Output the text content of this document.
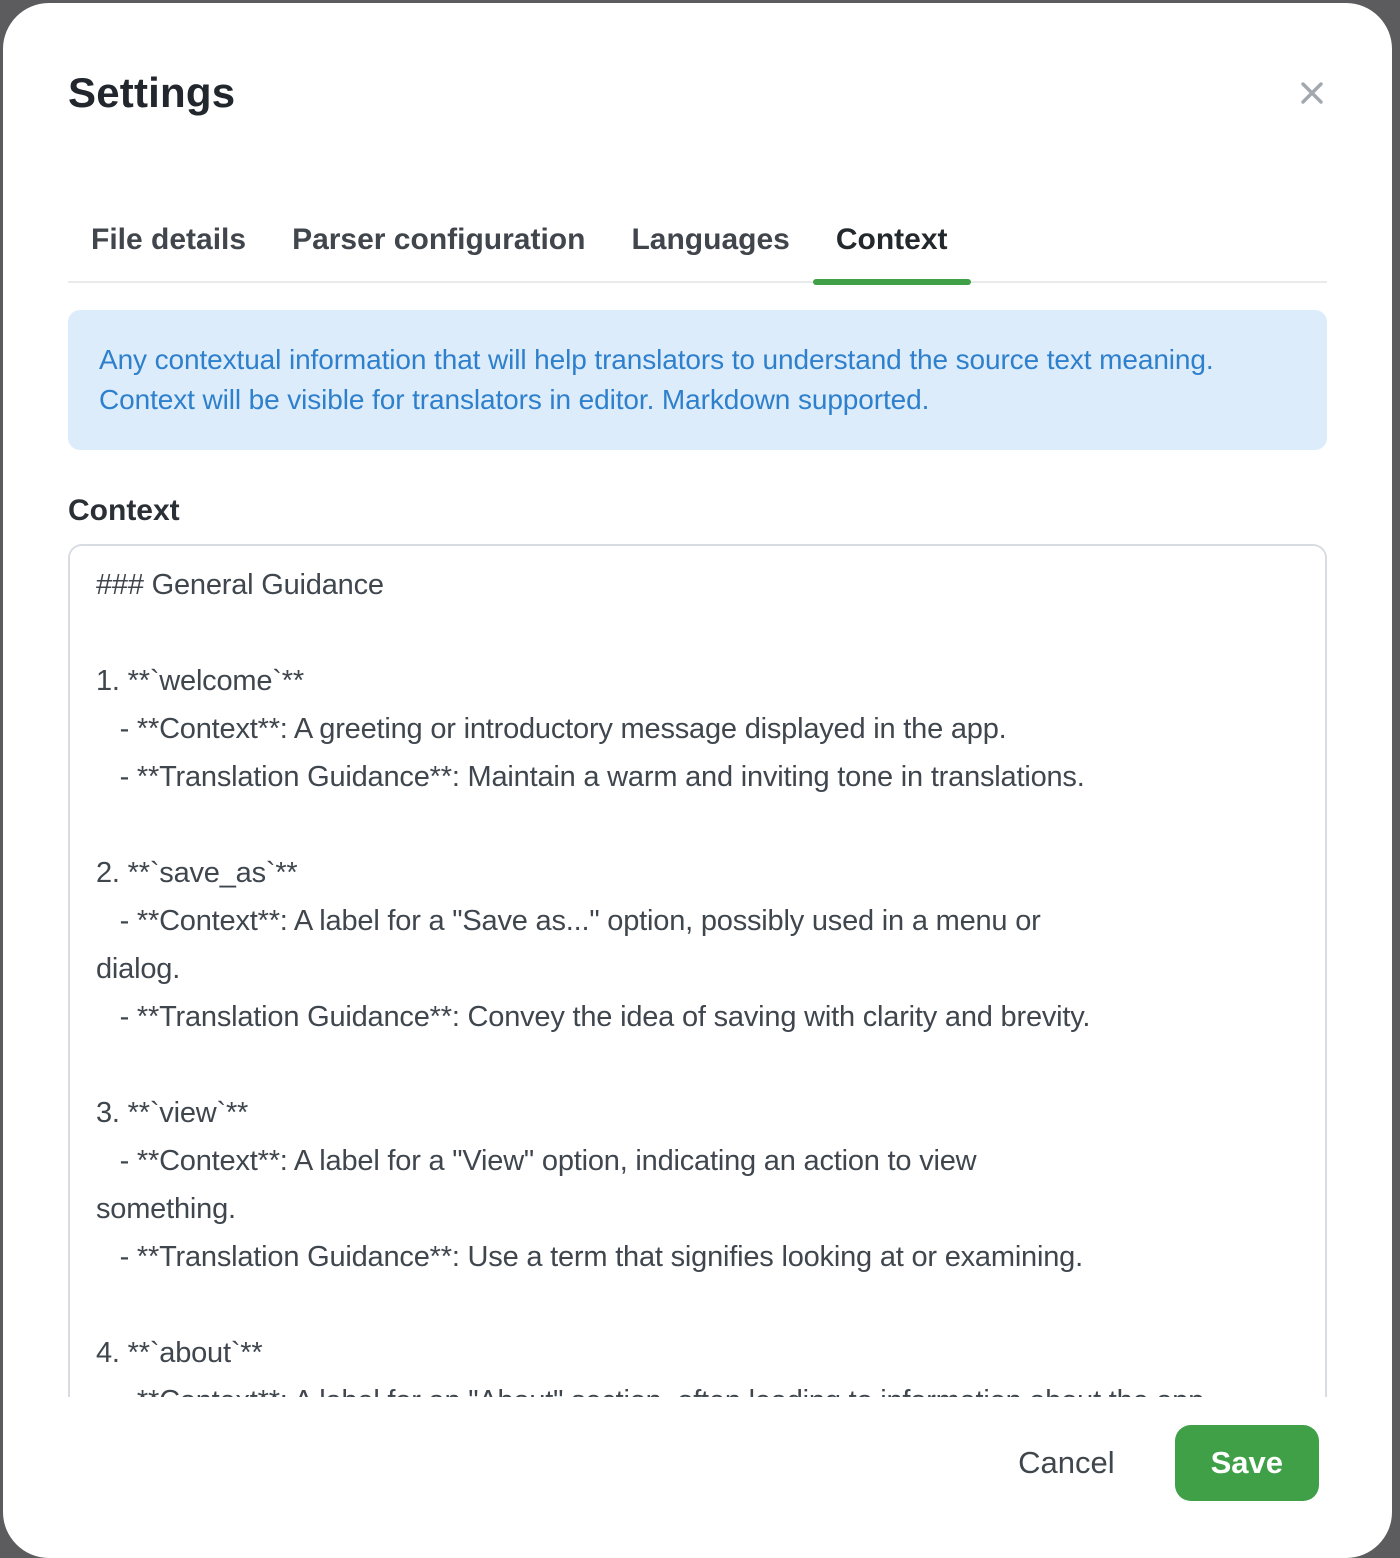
Settings
File details	Parser configuration	Languages	Context

Any contextual information that will help translators to understand the source text meaning. Context will be visible for translators in editor. Markdown supported.

Context
### General Guidance 1. **`welcome`** - **Context**: A greeting or introductory message displayed in the app. - **Translation Guidance**: Maintain a warm and inviting tone in translations. 2. **`save_as`** - **Context**: A label for a "Save as..." option, possibly used in a menu or dialog. - **Translation Guidance**: Convey the idea of saving with clarity and brevity. 3. **`view`** - **Context**: A label for a "View" option, indicating an action to view something. - **Translation Guidance**: Use a term that signifies looking at or examining. 4. **`about`** - **Context**: A label for an "About" section, often leading to information about the app.
Cancel	Save
